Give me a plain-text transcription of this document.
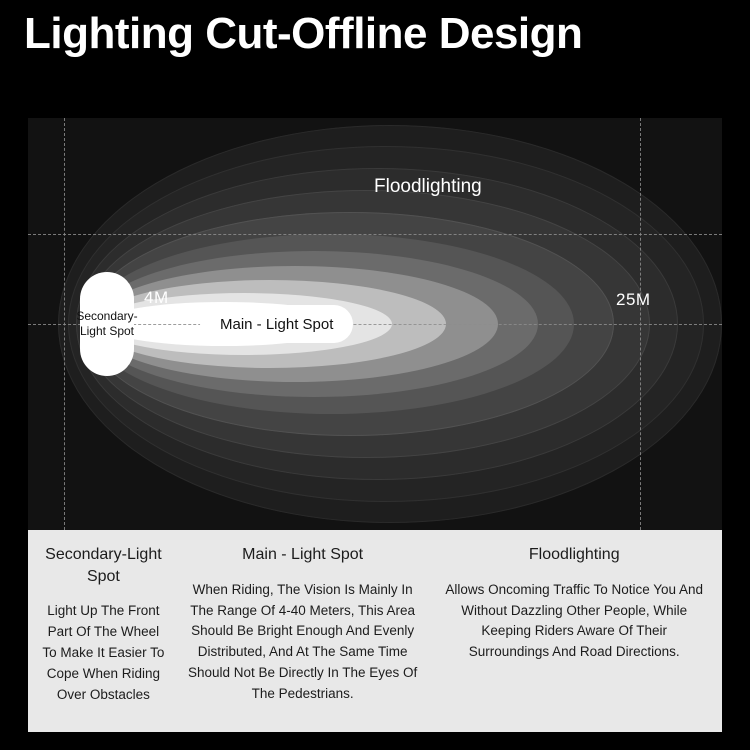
Lighting Cut-Offline Design
4M	25M
Floodlighting
Secondary-Light Spot	Main - Light Spot
Secondary-Light Spot
Light Up The Front Part Of The Wheel To Make It Easier To Cope When Riding Over Obstacles
Main - Light Spot
When Riding, The Vision Is Mainly In The Range Of 4-40 Meters, This Area Should Be Bright Enough And Evenly Distributed, And At The Same Time Should Not Be Directly In The Eyes Of The Pedestrians.
Floodlighting
Allows Oncoming Traffic To Notice You And Without Dazzling Other People, While Keeping Riders Aware Of Their Surroundings And Road Directions.
